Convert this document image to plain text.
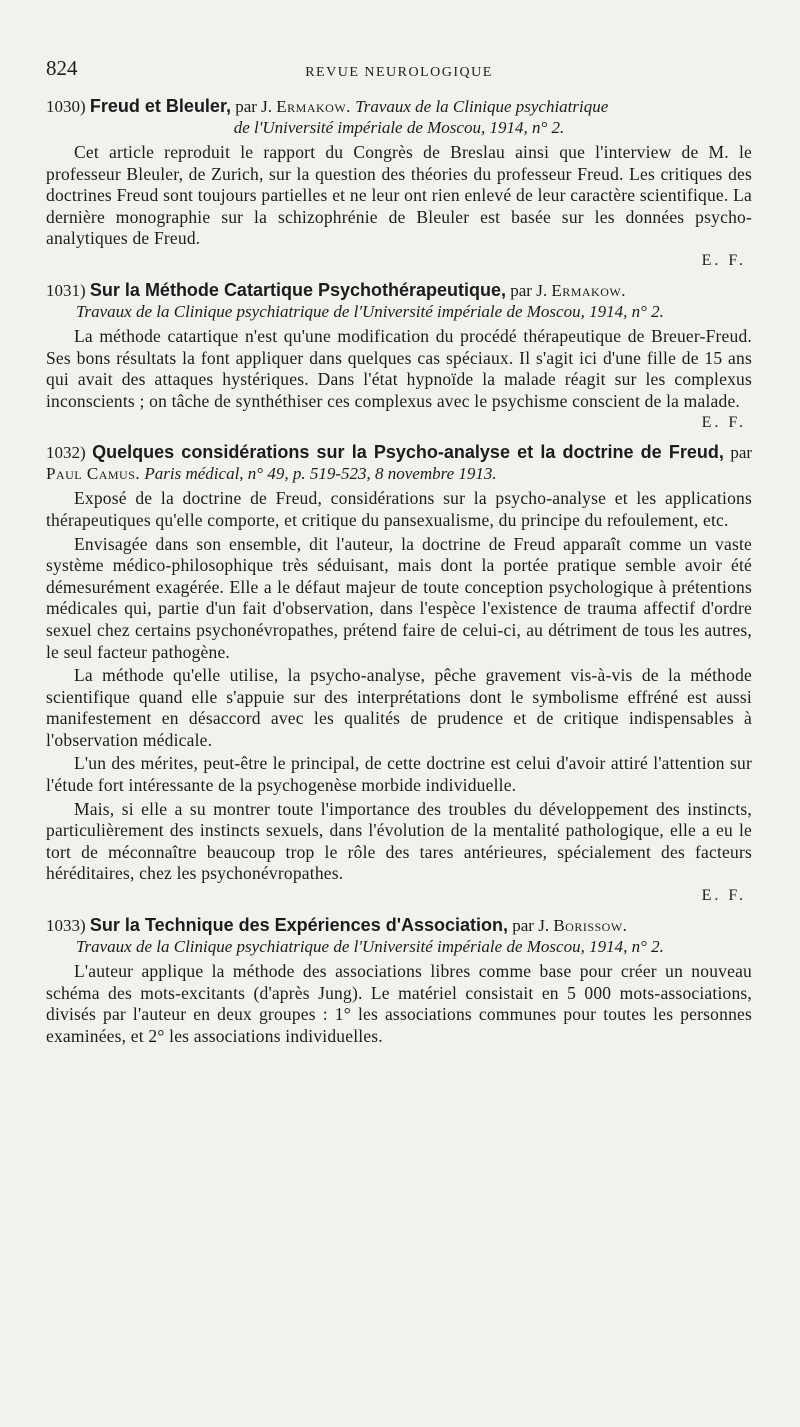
824	REVUE NEUROLOGIQUE

1030) Freud et Bleuler, par J. Ermakow. Travaux de la Clinique psychiatrique

de l'Université impériale de Moscou, 1914, n° 2.

Cet article reproduit le rapport du Congrès de Breslau ainsi que l'interview de M. le professeur Bleuler, de Zurich, sur la question des théories du professeur Freud. Les critiques des doctrines Freud sont toujours partielles et ne leur ont rien enlevé de leur caractère scientifique. La dernière monographie sur la schizophrénie de Bleuler est basée sur les données psycho-analytiques de Freud.

E. F.

1031) Sur la Méthode Catartique Psychothérapeutique, par J. Ermakow.

Travaux de la Clinique psychiatrique de l'Université impériale de Moscou, 1914, n° 2.

La méthode catartique n'est qu'une modification du procédé thérapeutique de Breuer-Freud. Ses bons résultats la font appliquer dans quelques cas spéciaux. Il s'agit ici d'une fille de 15 ans qui avait des attaques hystériques. Dans l'état hypnoïde la malade réagit sur les complexus inconscients ; on tâche de synthéthiser ces complexus avec le psychisme conscient de la malade.

E. F.

1032) Quelques considérations sur la Psycho-analyse et la doctrine de Freud, par Paul Camus. Paris médical, n° 49, p. 519-523, 8 novembre 1913.

Exposé de la doctrine de Freud, considérations sur la psycho-analyse et les applications thérapeutiques qu'elle comporte, et critique du pansexualisme, du principe du refoulement, etc.

Envisagée dans son ensemble, dit l'auteur, la doctrine de Freud apparaît comme un vaste système médico-philosophique très séduisant, mais dont la portée pratique semble avoir été démesurément exagérée. Elle a le défaut majeur de toute conception psychologique à prétentions médicales qui, partie d'un fait d'observation, dans l'espèce l'existence de trauma affectif d'ordre sexuel chez certains psychonévropathes, prétend faire de celui-ci, au détriment de tous les autres, le seul facteur pathogène.

La méthode qu'elle utilise, la psycho-analyse, pêche gravement vis-à-vis de la méthode scientifique quand elle s'appuie sur des interprétations dont le symbolisme effréné est aussi manifestement en désaccord avec les qualités de prudence et de critique indispensables à l'observation médicale.

L'un des mérites, peut-être le principal, de cette doctrine est celui d'avoir attiré l'attention sur l'étude fort intéressante de la psychogenèse morbide individuelle.

Mais, si elle a su montrer toute l'importance des troubles du développement des instincts, particulièrement des instincts sexuels, dans l'évolution de la mentalité pathologique, elle a eu le tort de méconnaître beaucoup trop le rôle des tares antérieures, spécialement des facteurs héréditaires, chez les psychonévropathes.

E. F.

1033) Sur la Technique des Expériences d'Association, par J. Borissow.

Travaux de la Clinique psychiatrique de l'Université impériale de Moscou, 1914, n° 2.

L'auteur applique la méthode des associations libres comme base pour créer un nouveau schéma des mots-excitants (d'après Jung). Le matériel consistait en 5 000 mots-associations, divisés par l'auteur en deux groupes : 1° les associations communes pour toutes les personnes examinées, et 2° les associations individuelles.
